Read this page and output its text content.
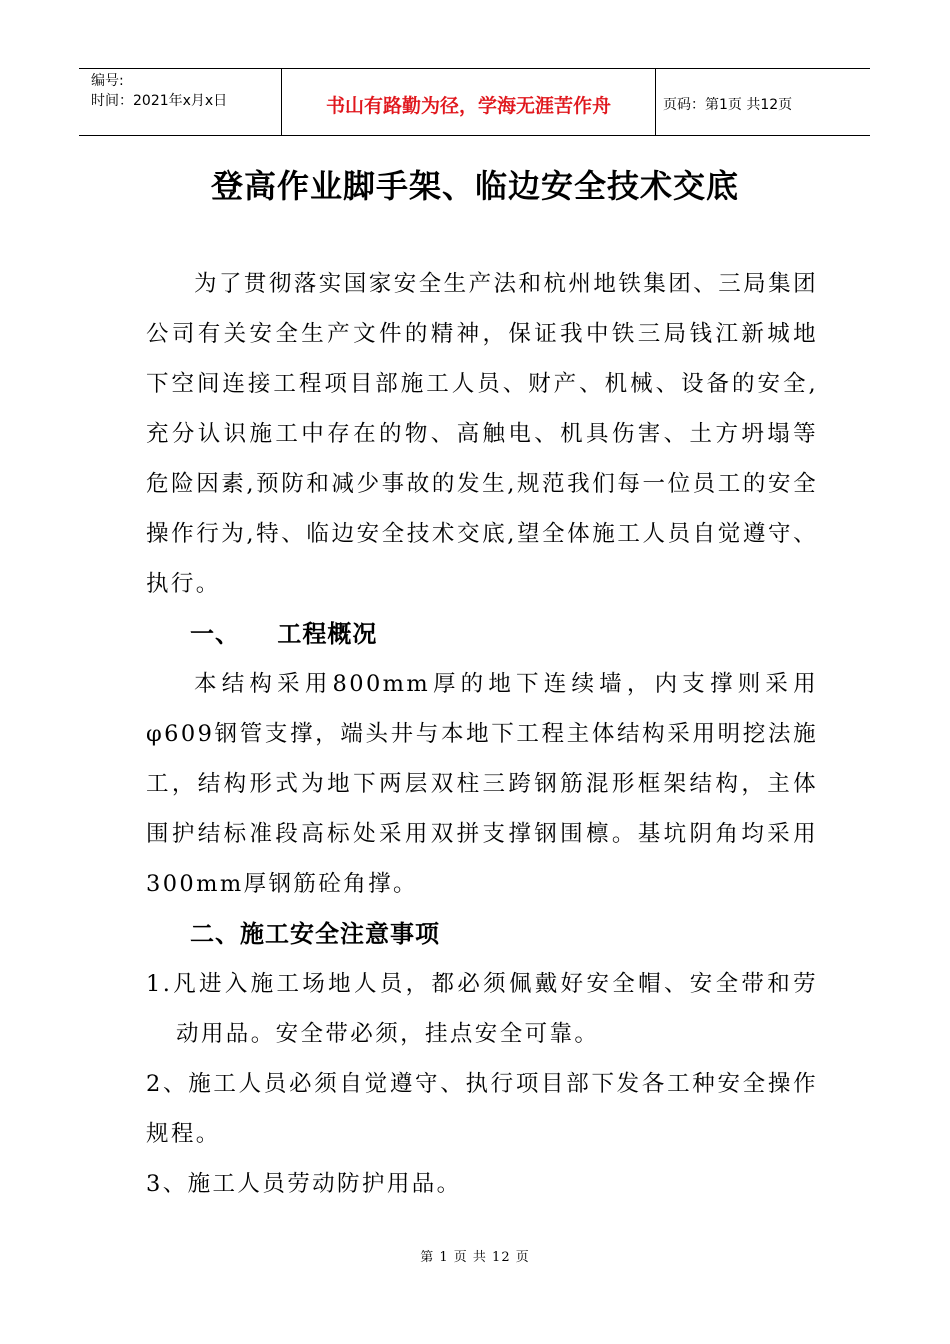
编号:
时间：2021年x月x日	书山有路勤为径，学海无涯苦作舟	页码：第1页 共12页
登高作业脚手架、临边安全技术交底

为了贯彻落实国家安全生产法和杭州地铁集团、三局集团公司有关安全生产文件的精神，保证我中铁三局钱江新城地下空间连接工程项目部施工人员、财产、机械、设备的安全,充分认识施工中存在的物、高触电、机具伤害、土方坍塌等危险因素,预防和减少事故的发生,规范我们每一位员工的安全操作行为,特、临边安全技术交底,望全体施工人员自觉遵守、执行。

一、    工程概况

本结构采用800mm厚的地下连续墙，内支撑则采用φ609钢管支撑，端头井与本地下工程主体结构采用明挖法施工，结构形式为地下两层双柱三跨钢筋混形框架结构，主体围护结标准段高标处采用双拼支撑钢围檩。基坑阴角均采用300mm厚钢筋砼角撑。

二、施工安全注意事项

1.凡进入施工场地人员，都必须佩戴好安全帽、安全带和劳动用品。安全带必须，挂点安全可靠。

2、施工人员必须自觉遵守、执行项目部下发各工种安全操作规程。

3、施工人员劳动防护用品。

第 1 页 共 12 页
